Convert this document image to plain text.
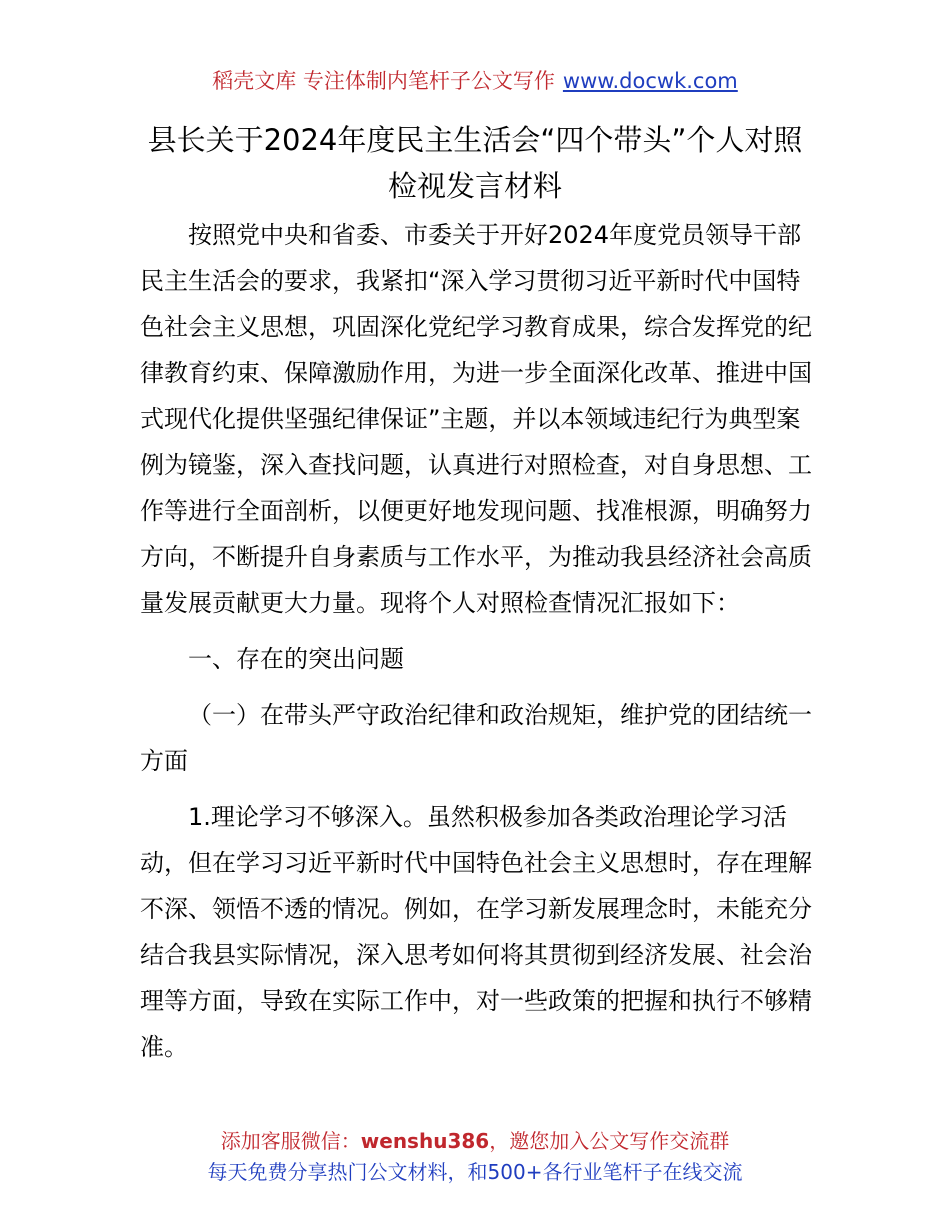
稻壳文库 专注体制内笔杆子公文写作 www.docwk.com
县长关于2024年度民主生活会“四个带头”个人对照检视发言材料

按照党中央和省委、市委关于开好2024年度党员领导干部民主生活会的要求，我紧扣“深入学习贯彻习近平新时代中国特色社会主义思想，巩固深化党纪学习教育成果，综合发挥党的纪律教育约束、保障激励作用，为进一步全面深化改革、推进中国式现代化提供坚强纪律保证”主题，并以本领域违纪行为典型案例为镜鉴，深入查找问题，认真进行对照检查，对自身思想、工作等进行全面剖析，以便更好地发现问题、找准根源，明确努力方向，不断提升自身素质与工作水平，为推动我县经济社会高质量发展贡献更大力量。现将个人对照检查情况汇报如下：

一、存在的突出问题

（一）在带头严守政治纪律和政治规矩，维护党的团结统一方面

1.理论学习不够深入。虽然积极参加各类政治理论学习活动，但在学习习近平新时代中国特色社会主义思想时，存在理解不深、领悟不透的情况。例如，在学习新发展理念时，未能充分结合我县实际情况，深入思考如何将其贯彻到经济发展、社会治理等方面，导致在实际工作中，对一些政策的把握和执行不够精准。

添加客服微信：wenshu386，邀您加入公文写作交流群
每天免费分享热门公文材料，和500+各行业笔杆子在线交流
